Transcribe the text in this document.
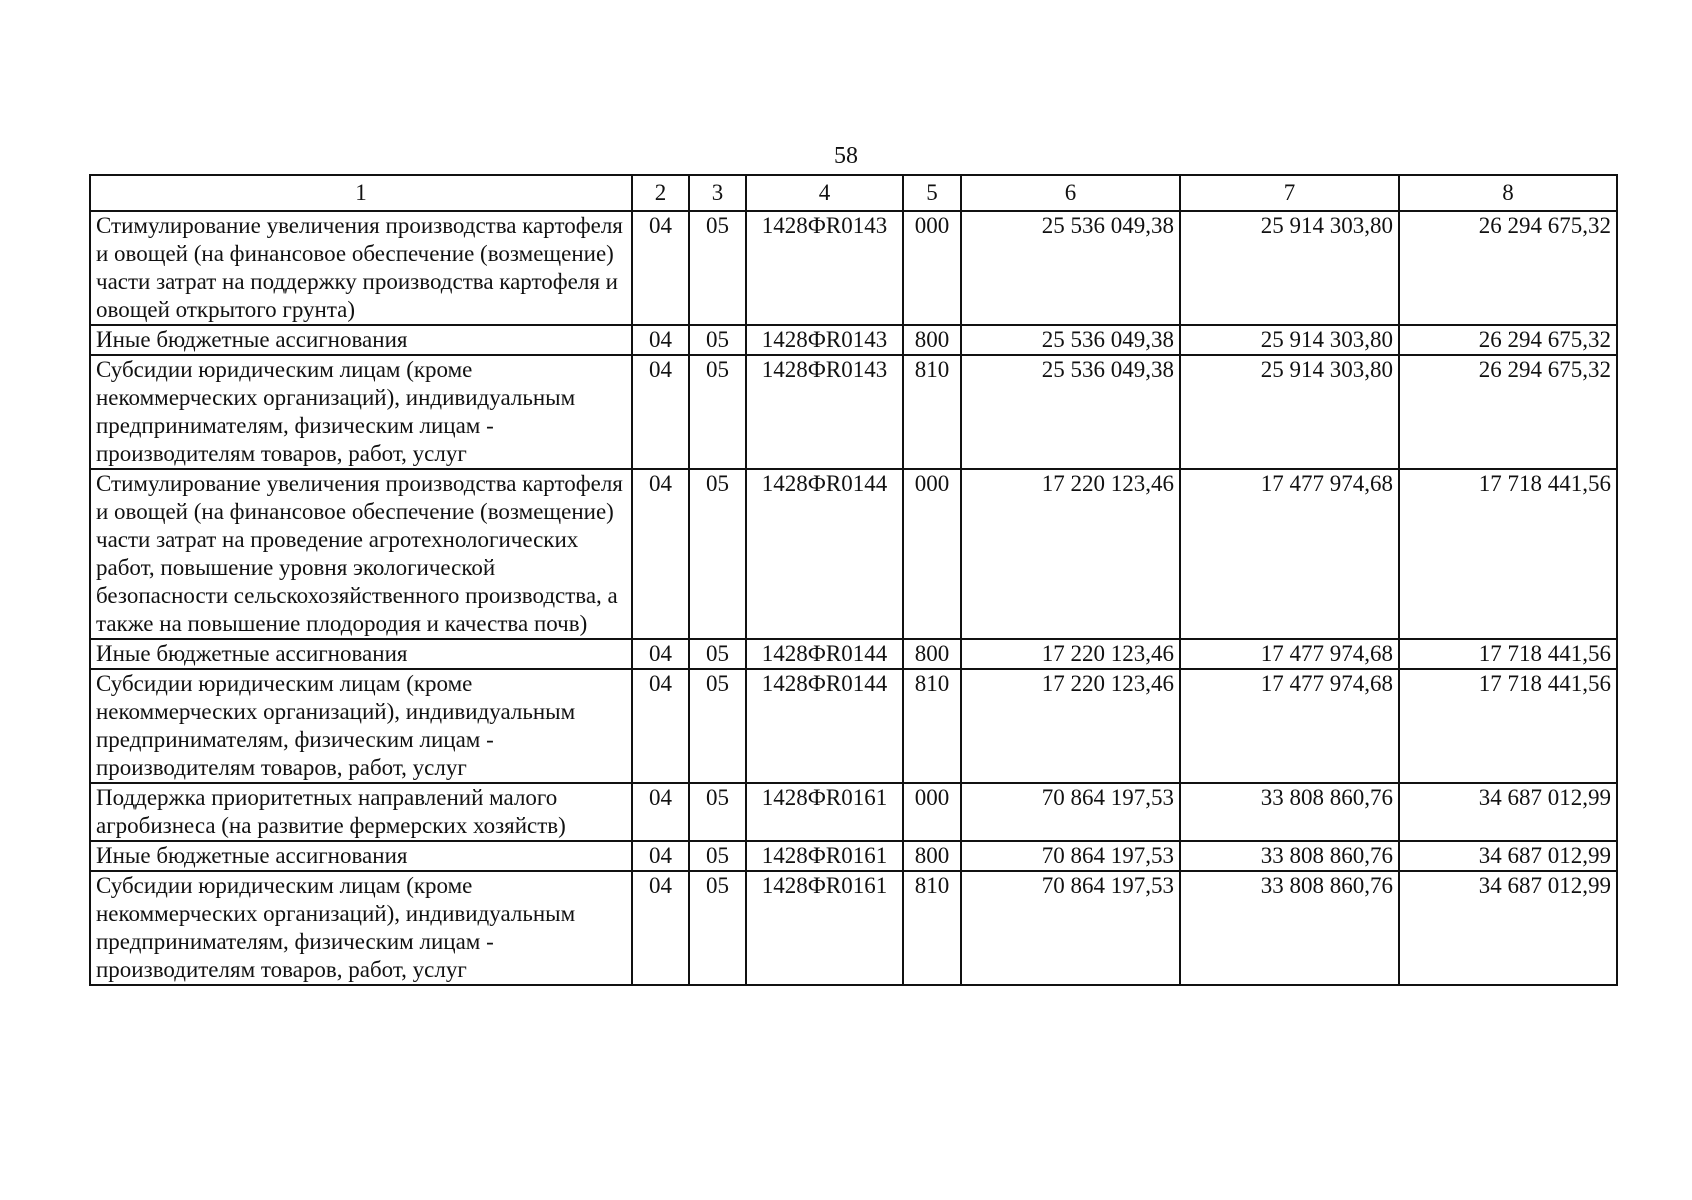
58
1	2	3	4	5	6	7	8
Стимулирование увеличения производства картофеля и овощей (на финансовое обеспечение (возмещение) части затрат на поддержку производства картофеля и овощей открытого грунта)	04	05	1428ФR0143	000	25 536 049,38	25 914 303,80	26 294 675,32
Иные бюджетные ассигнования	04	05	1428ФR0143	800	25 536 049,38	25 914 303,80	26 294 675,32
Субсидии юридическим лицам (кроме некоммерческих организаций), индивидуальным предпринимателям, физическим лицам - производителям товаров, работ, услуг	04	05	1428ФR0143	810	25 536 049,38	25 914 303,80	26 294 675,32
Стимулирование увеличения производства картофеля и овощей (на финансовое обеспечение (возмещение) части затрат на проведение агротехнологических работ, повышение уровня экологической безопасности сельскохозяйственного производства, а также на повышение плодородия и качества почв)	04	05	1428ФR0144	000	17 220 123,46	17 477 974,68	17 718 441,56
Иные бюджетные ассигнования	04	05	1428ФR0144	800	17 220 123,46	17 477 974,68	17 718 441,56
Субсидии юридическим лицам (кроме некоммерческих организаций), индивидуальным предпринимателям, физическим лицам - производителям товаров, работ, услуг	04	05	1428ФR0144	810	17 220 123,46	17 477 974,68	17 718 441,56
Поддержка приоритетных направлений малого агробизнеса (на развитие фермерских хозяйств)	04	05	1428ФR0161	000	70 864 197,53	33 808 860,76	34 687 012,99
Иные бюджетные ассигнования	04	05	1428ФR0161	800	70 864 197,53	33 808 860,76	34 687 012,99
Субсидии юридическим лицам (кроме некоммерческих организаций), индивидуальным предпринимателям, физическим лицам - производителям товаров, работ, услуг	04	05	1428ФR0161	810	70 864 197,53	33 808 860,76	34 687 012,99
